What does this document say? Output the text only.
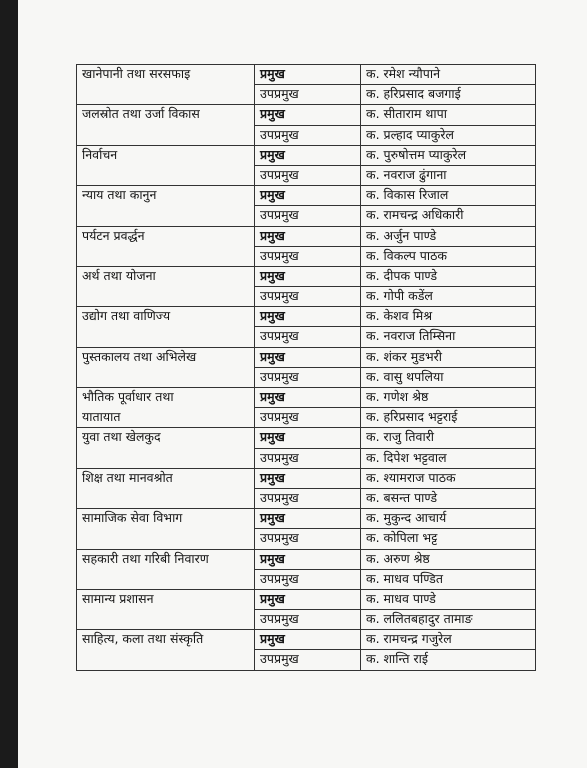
खानेपानी तथा सरसफाइ	प्रमुख	क. रमेश न्यौपाने
	उपप्रमुख	क. हरिप्रसाद बजगाई
जलस्रोत तथा उर्जा विकास	प्रमुख	क. सीताराम थापा
	उपप्रमुख	क. प्रल्हाद प्याकुरेल
निर्वाचन	प्रमुख	क. पुरुषोत्तम प्याकुरेल
	उपप्रमुख	क. नवराज ढुंगाना
न्याय तथा कानुन	प्रमुख	क. विकास रिजाल
	उपप्रमुख	क. रामचन्द्र अधिकारी
पर्यटन प्रवर्द्धन	प्रमुख	क. अर्जुन पाण्डे
	उपप्रमुख	क. विकल्प पाठक
अर्थ तथा योजना	प्रमुख	क. दीपक पाण्डे
	उपप्रमुख	क. गोपी कडेंल
उद्योग तथा वाणिज्य	प्रमुख	क. केशव मिश्र
	उपप्रमुख	क. नवराज तिम्सिना
पुस्तकालय तथा अभिलेख	प्रमुख	क. शंकर मुडभरी
	उपप्रमुख	क. वासु थपलिया
भौतिक पूर्वाधार तथा	प्रमुख	क. गणेश श्रेष्ठ
यातायात	उपप्रमुख	क. हरिप्रसाद भट्टराई
युवा तथा खेलकुद	प्रमुख	क. राजु तिवारी
	उपप्रमुख	क. दिपेश भट्टवाल
शिक्ष तथा मानवश्रोत	प्रमुख	क. श्यामराज पाठक
	उपप्रमुख	क. बसन्त पाण्डे
सामाजिक सेवा विभाग	प्रमुख	क. मुकुन्द आचार्य
	उपप्रमुख	क. कोपिला भट्ट
सहकारी तथा गरिबी निवारण	प्रमुख	क. अरुण श्रेष्ठ
	उपप्रमुख	क. माधव पण्डित
सामान्य प्रशासन	प्रमुख	क. माधव पाण्डे
	उपप्रमुख	क. ललितबहादुर तामाङ
साहित्य, कला तथा संस्कृति	प्रमुख	क. रामचन्द्र गजुरेल
	उपप्रमुख	क. शान्ति राई
